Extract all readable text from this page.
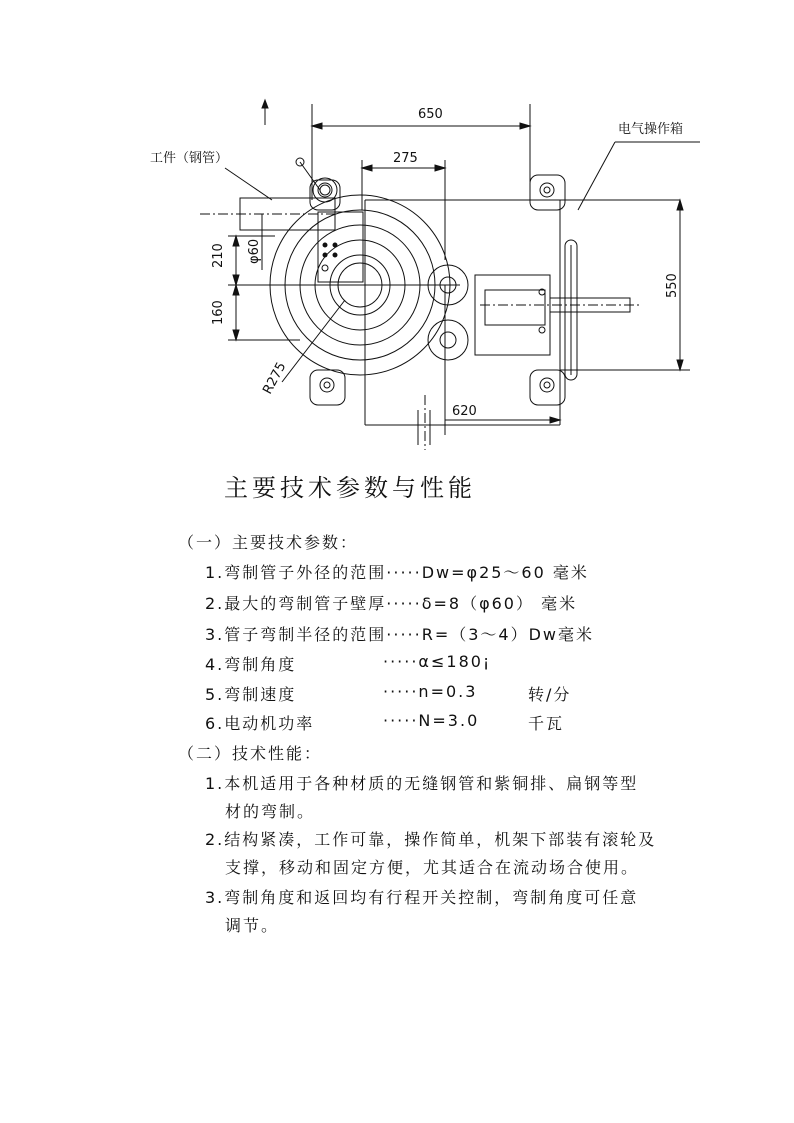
650
275
210
160
φ60
550
620
R275
工件（钢管）
电气操作箱
主要技术参数与性能
（一）主要技术参数：
1.弯制管子外径的范围·····Dw=φ25～60 毫米
2.最大的弯制管子壁厚·····δ=8（φ60） 毫米
3.管子弯制半径的范围·····R=（3～4）Dw毫米
4.弯制角度	·····α≤180¡
5.弯制速度	·····n=0.3	转/分
6.电动机功率	·····N=3.0	千瓦
（二）技术性能：
1.本机适用于各种材质的无缝钢管和紫铜排、扁钢等型
材的弯制。
2.结构紧凑，工作可靠，操作简单，机架下部装有滚轮及
支撑，移动和固定方便，尤其适合在流动场合使用。
3.弯制角度和返回均有行程开关控制，弯制角度可任意
调节。
